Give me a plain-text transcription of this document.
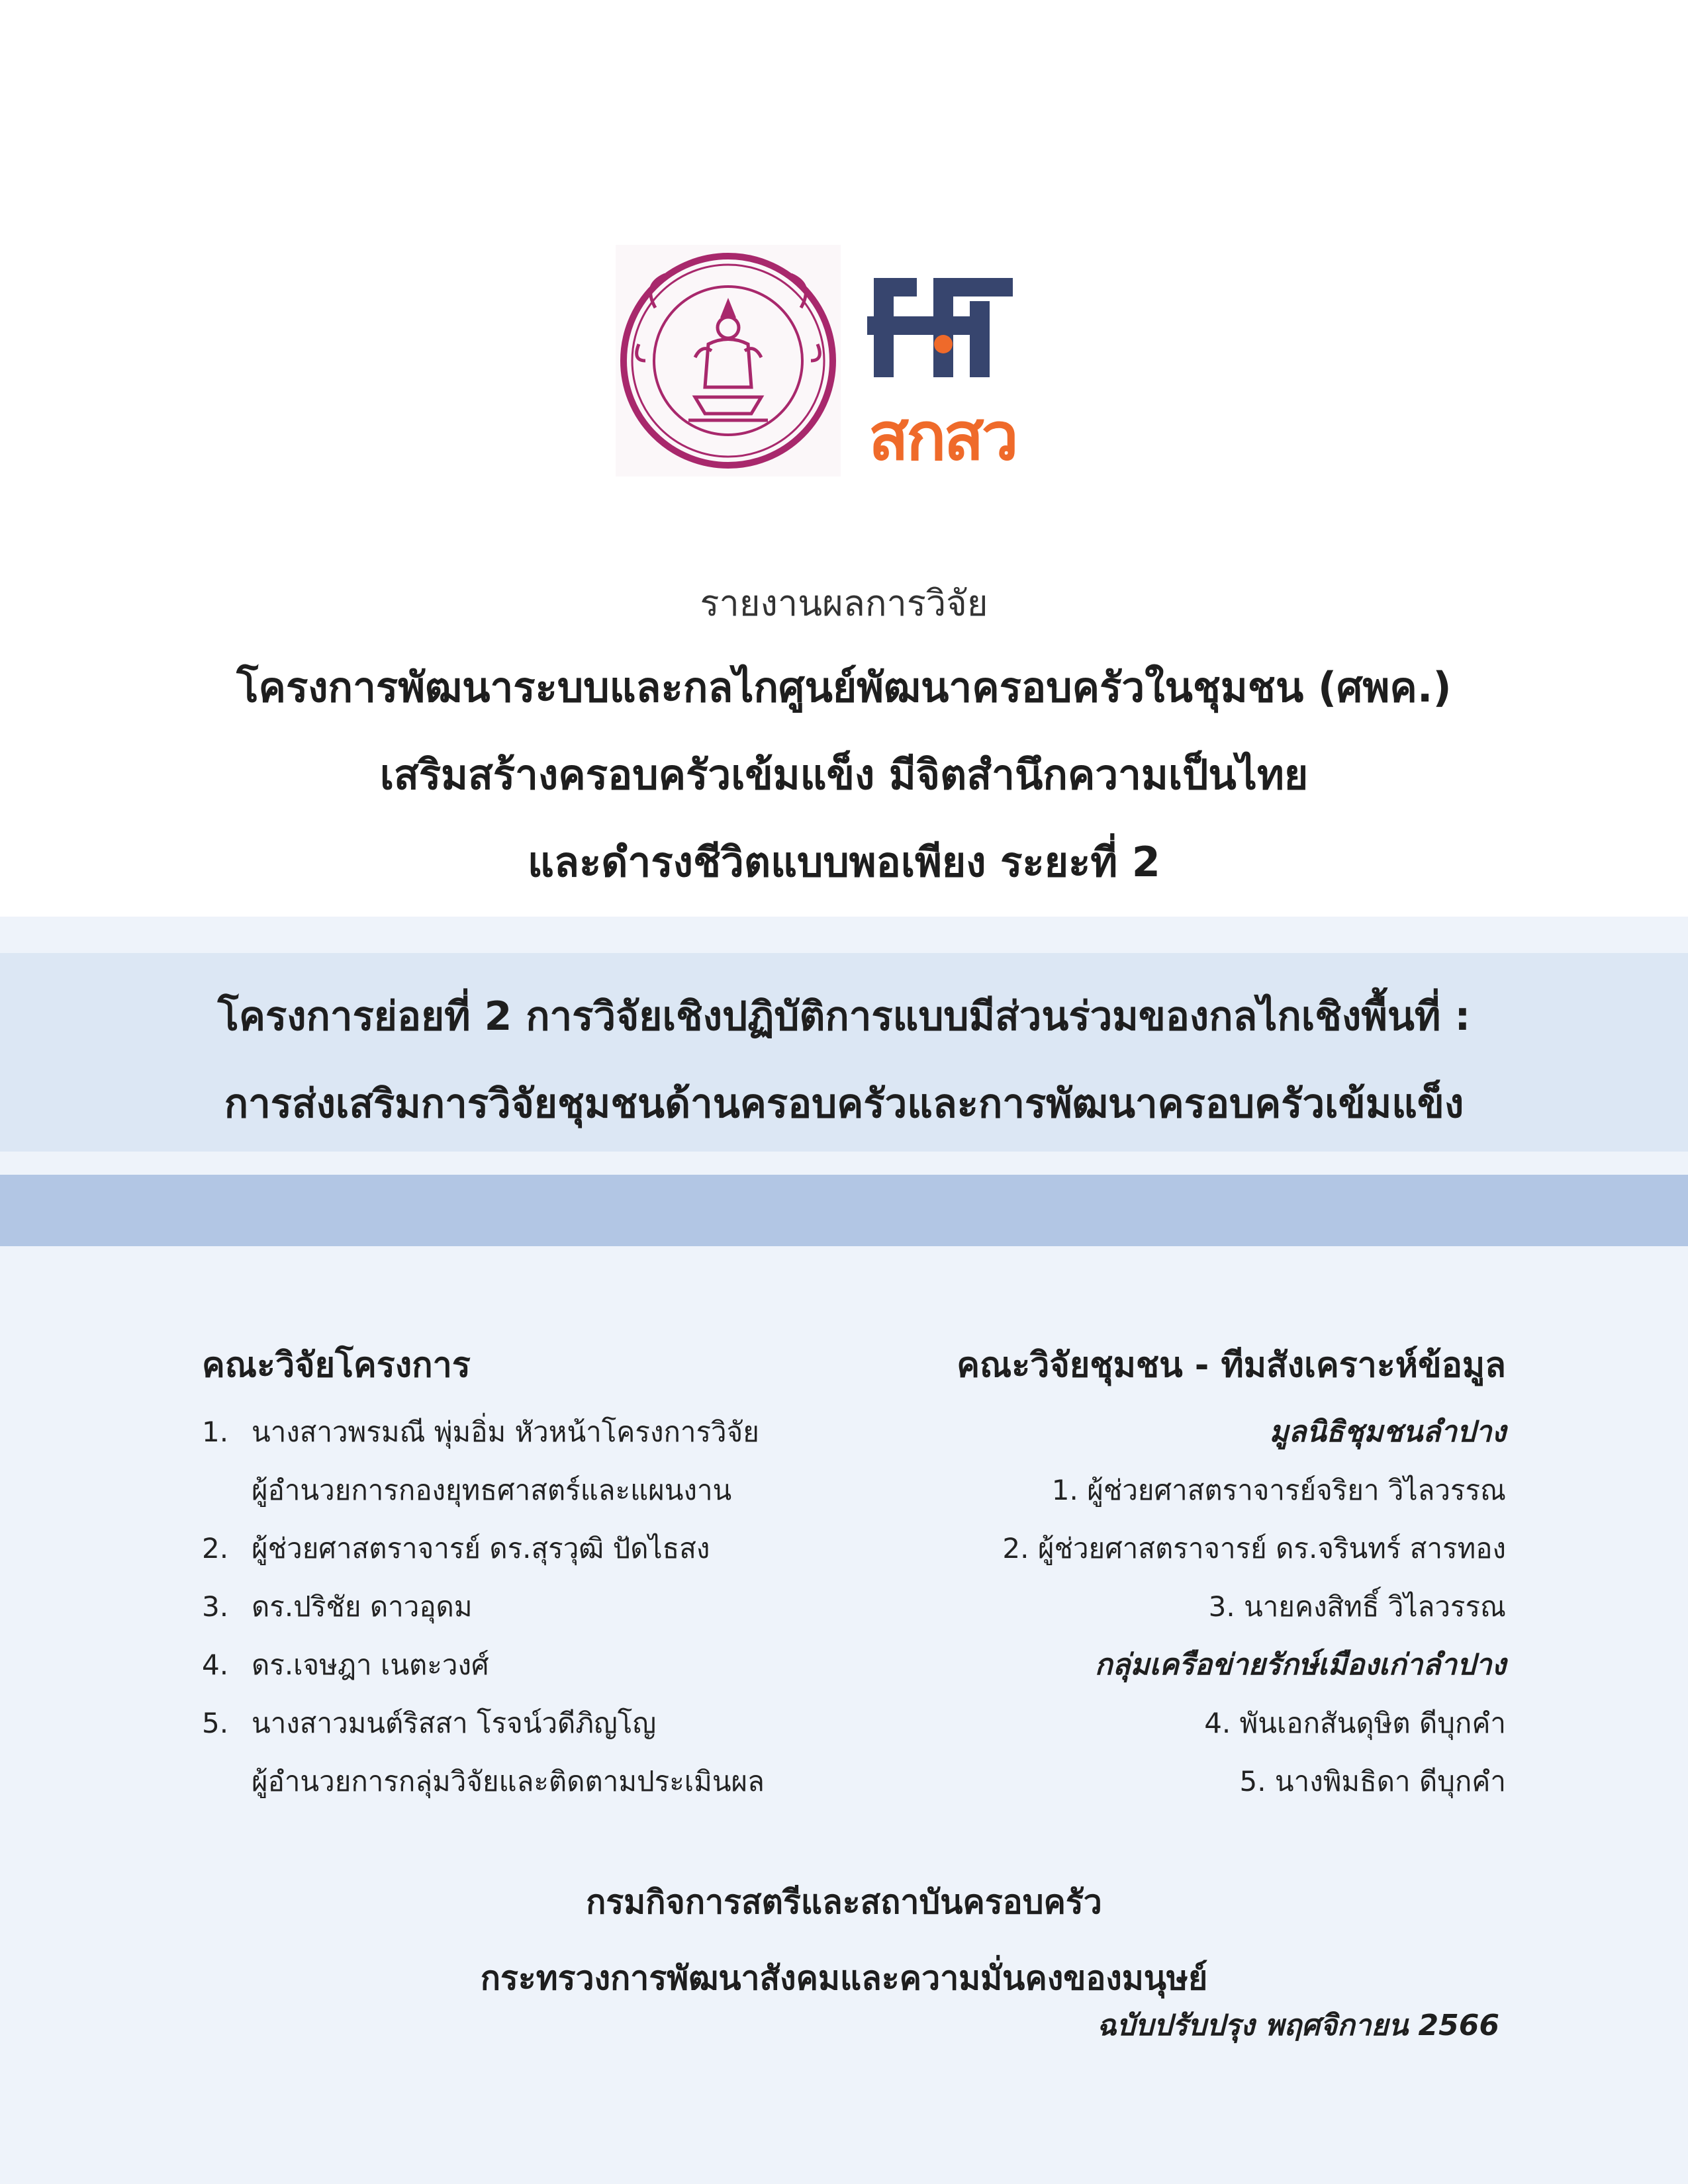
สกสว
รายงานผลการวิจัย
โครงการพัฒนาระบบและกลไกศูนย์พัฒนาครอบครัวในชุมชน (ศพค.)
เสริมสร้างครอบครัวเข้มแข็ง มีจิตสำนึกความเป็นไทย
และดำรงชีวิตแบบพอเพียง ระยะที่ 2
โครงการย่อยที่ 2 การวิจัยเชิงปฏิบัติการแบบมีส่วนร่วมของกลไกเชิงพื้นที่ :
การส่งเสริมการวิจัยชุมชนด้านครอบครัวและการพัฒนาครอบครัวเข้มแข็ง
คณะวิจัยโครงการ
1. นางสาวพรมณี พุ่มอิ่ม หัวหน้าโครงการวิจัย
ผู้อำนวยการกองยุทธศาสตร์และแผนงาน
2. ผู้ช่วยศาสตราจารย์ ดร.สุรวุฒิ ปัดไธสง
3. ดร.ปริชัย ดาวอุดม
4. ดร.เจษฎา เนตะวงศ์
5. นางสาวมนต์ริสสา โรจน์วดีภิญโญ
ผู้อำนวยการกลุ่มวิจัยและติดตามประเมินผล
คณะวิจัยชุมชน - ทีมสังเคราะห์ข้อมูล
มูลนิธิชุมชนลำปาง
1. ผู้ช่วยศาสตราจารย์จริยา วิไลวรรณ
2. ผู้ช่วยศาสตราจารย์ ดร.จรินทร์ สารทอง
3. นายคงสิทธิ์ วิไลวรรณ
กลุ่มเครือข่ายรักษ์เมืองเก่าลำปาง
4. พันเอกสันดุษิต ดีบุกคำ
5. นางพิมธิดา ดีบุกคำ
กรมกิจการสตรีและสถาบันครอบครัว
กระทรวงการพัฒนาสังคมและความมั่นคงของมนุษย์
ฉบับปรับปรุง พฤศจิกายน 2566
